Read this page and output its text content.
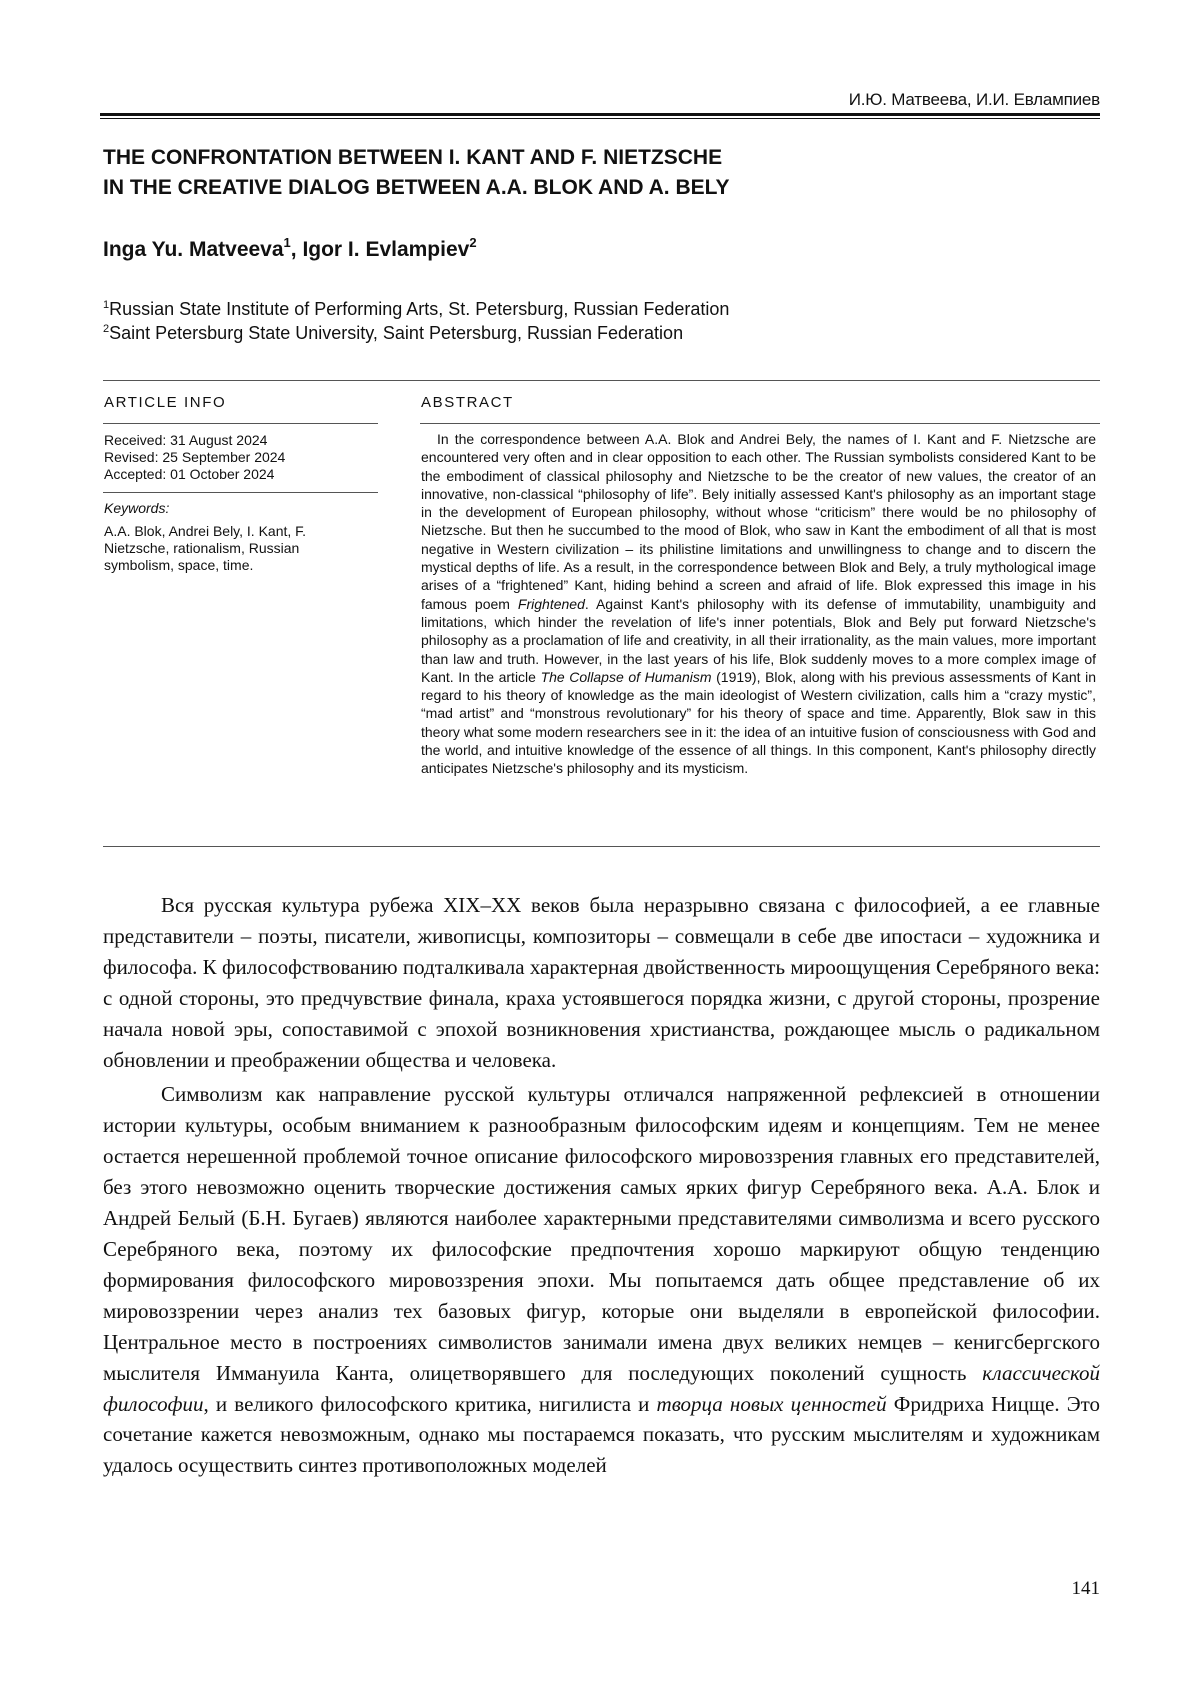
И.Ю. Матвеева, И.И. Евлампиев
THE CONFRONTATION BETWEEN I. KANT AND F. NIETZSCHE
IN THE CREATIVE DIALOG BETWEEN A.A. BLOK AND A. BELY
Inga Yu. Matveeva$^1$, Igor I. Evlampiev$^2$
$^1$Russian State Institute of Performing Arts, St. Petersburg, Russian Federation
$^2$Saint Petersburg State University, Saint Petersburg, Russian Federation
ARTICLE INFO
Received: 31 August 2024
Revised: 25 September 2024
Accepted: 01 October 2024
Keywords:
A.A. Blok, Andrei Bely, I. Kant, F. Nietzsche, rationalism, Russian symbolism, space, time.
ABSTRACT
In the correspondence between A.A. Blok and Andrei Bely, the names of I. Kant and F. Nietzsche are encountered very often and in clear opposition to each other. The Russian symbolists considered Kant to be the embodiment of classical philosophy and Nietzsche to be the creator of new values, the creator of an innovative, non-classical “philosophy of life”. Bely initially assessed Kant's philosophy as an important stage in the development of European philosophy, without whose “criticism” there would be no philosophy of Nietzsche. But then he succumbed to the mood of Blok, who saw in Kant the embodiment of all that is most negative in Western civilization – its philistine limitations and unwillingness to change and to discern the mystical depths of life. As a result, in the correspondence between Blok and Bely, a truly mythological image arises of a “frightened” Kant, hiding behind a screen and afraid of life. Blok expressed this image in his famous poem Frightened. Against Kant's philosophy with its defense of immutability, unambiguity and limitations, which hinder the revelation of life's inner potentials, Blok and Bely put forward Nietzsche's philosophy as a proclamation of life and creativity, in all their irrationality, as the main values, more important than law and truth. However, in the last years of his life, Blok suddenly moves to a more complex image of Kant. In the article The Collapse of Humanism (1919), Blok, along with his previous assessments of Kant in regard to his theory of knowledge as the main ideologist of Western civilization, calls him a “crazy mystic”, “mad artist” and “monstrous revolutionary” for his theory of space and time. Apparently, Blok saw in this theory what some modern researchers see in it: the idea of an intuitive fusion of consciousness with God and the world, and intuitive knowledge of the essence of all things. In this component, Kant's philosophy directly anticipates Nietzsche's philosophy and its mysticism.

Вся русская культура рубежа XIX–XX веков была неразрывно связана с философией, а ее главные представители – поэты, писатели, живописцы, композиторы – совмещали в себе две ипостаси – художника и философа. К философствованию подталкивала характерная двойственность мироощущения Серебряного века: с одной стороны, это предчувствие финала, краха устоявшегося порядка жизни, с другой стороны, прозрение начала новой эры, сопоставимой с эпохой возникновения христианства, рождающее мысль о радикальном обновлении и преображении общества и человека.

Символизм как направление русской культуры отличался напряженной рефлексией в отношении истории культуры, особым вниманием к разнообразным философским идеям и концепциям. Тем не менее остается нерешенной проблемой точное описание философского мировоззрения главных его представителей, без этого невозможно оценить творческие достижения самых ярких фигур Серебряного века. А.А. Блок и Андрей Белый (Б.Н. Бугаев) являются наиболее характерными представителями символизма и всего русского Серебряного века, поэтому их философские предпочтения хорошо маркируют общую тенденцию формирования философского мировоззрения эпохи. Мы попытаемся дать общее представление об их мировоззрении через анализ тех базовых фигур, которые они выделяли в европейской философии. Центральное место в построениях символистов занимали имена двух великих немцев – кенигсбергского мыслителя Иммануила Канта, олицетворявшего для последующих поколений сущность классической философии, и великого философского критика, нигилиста и творца новых ценностей Фридриха Ницще. Это сочетание кажется невозможным, однако мы постараемся показать, что русским мыслителям и художникам удалось осуществить синтез противоположных моделей

141
